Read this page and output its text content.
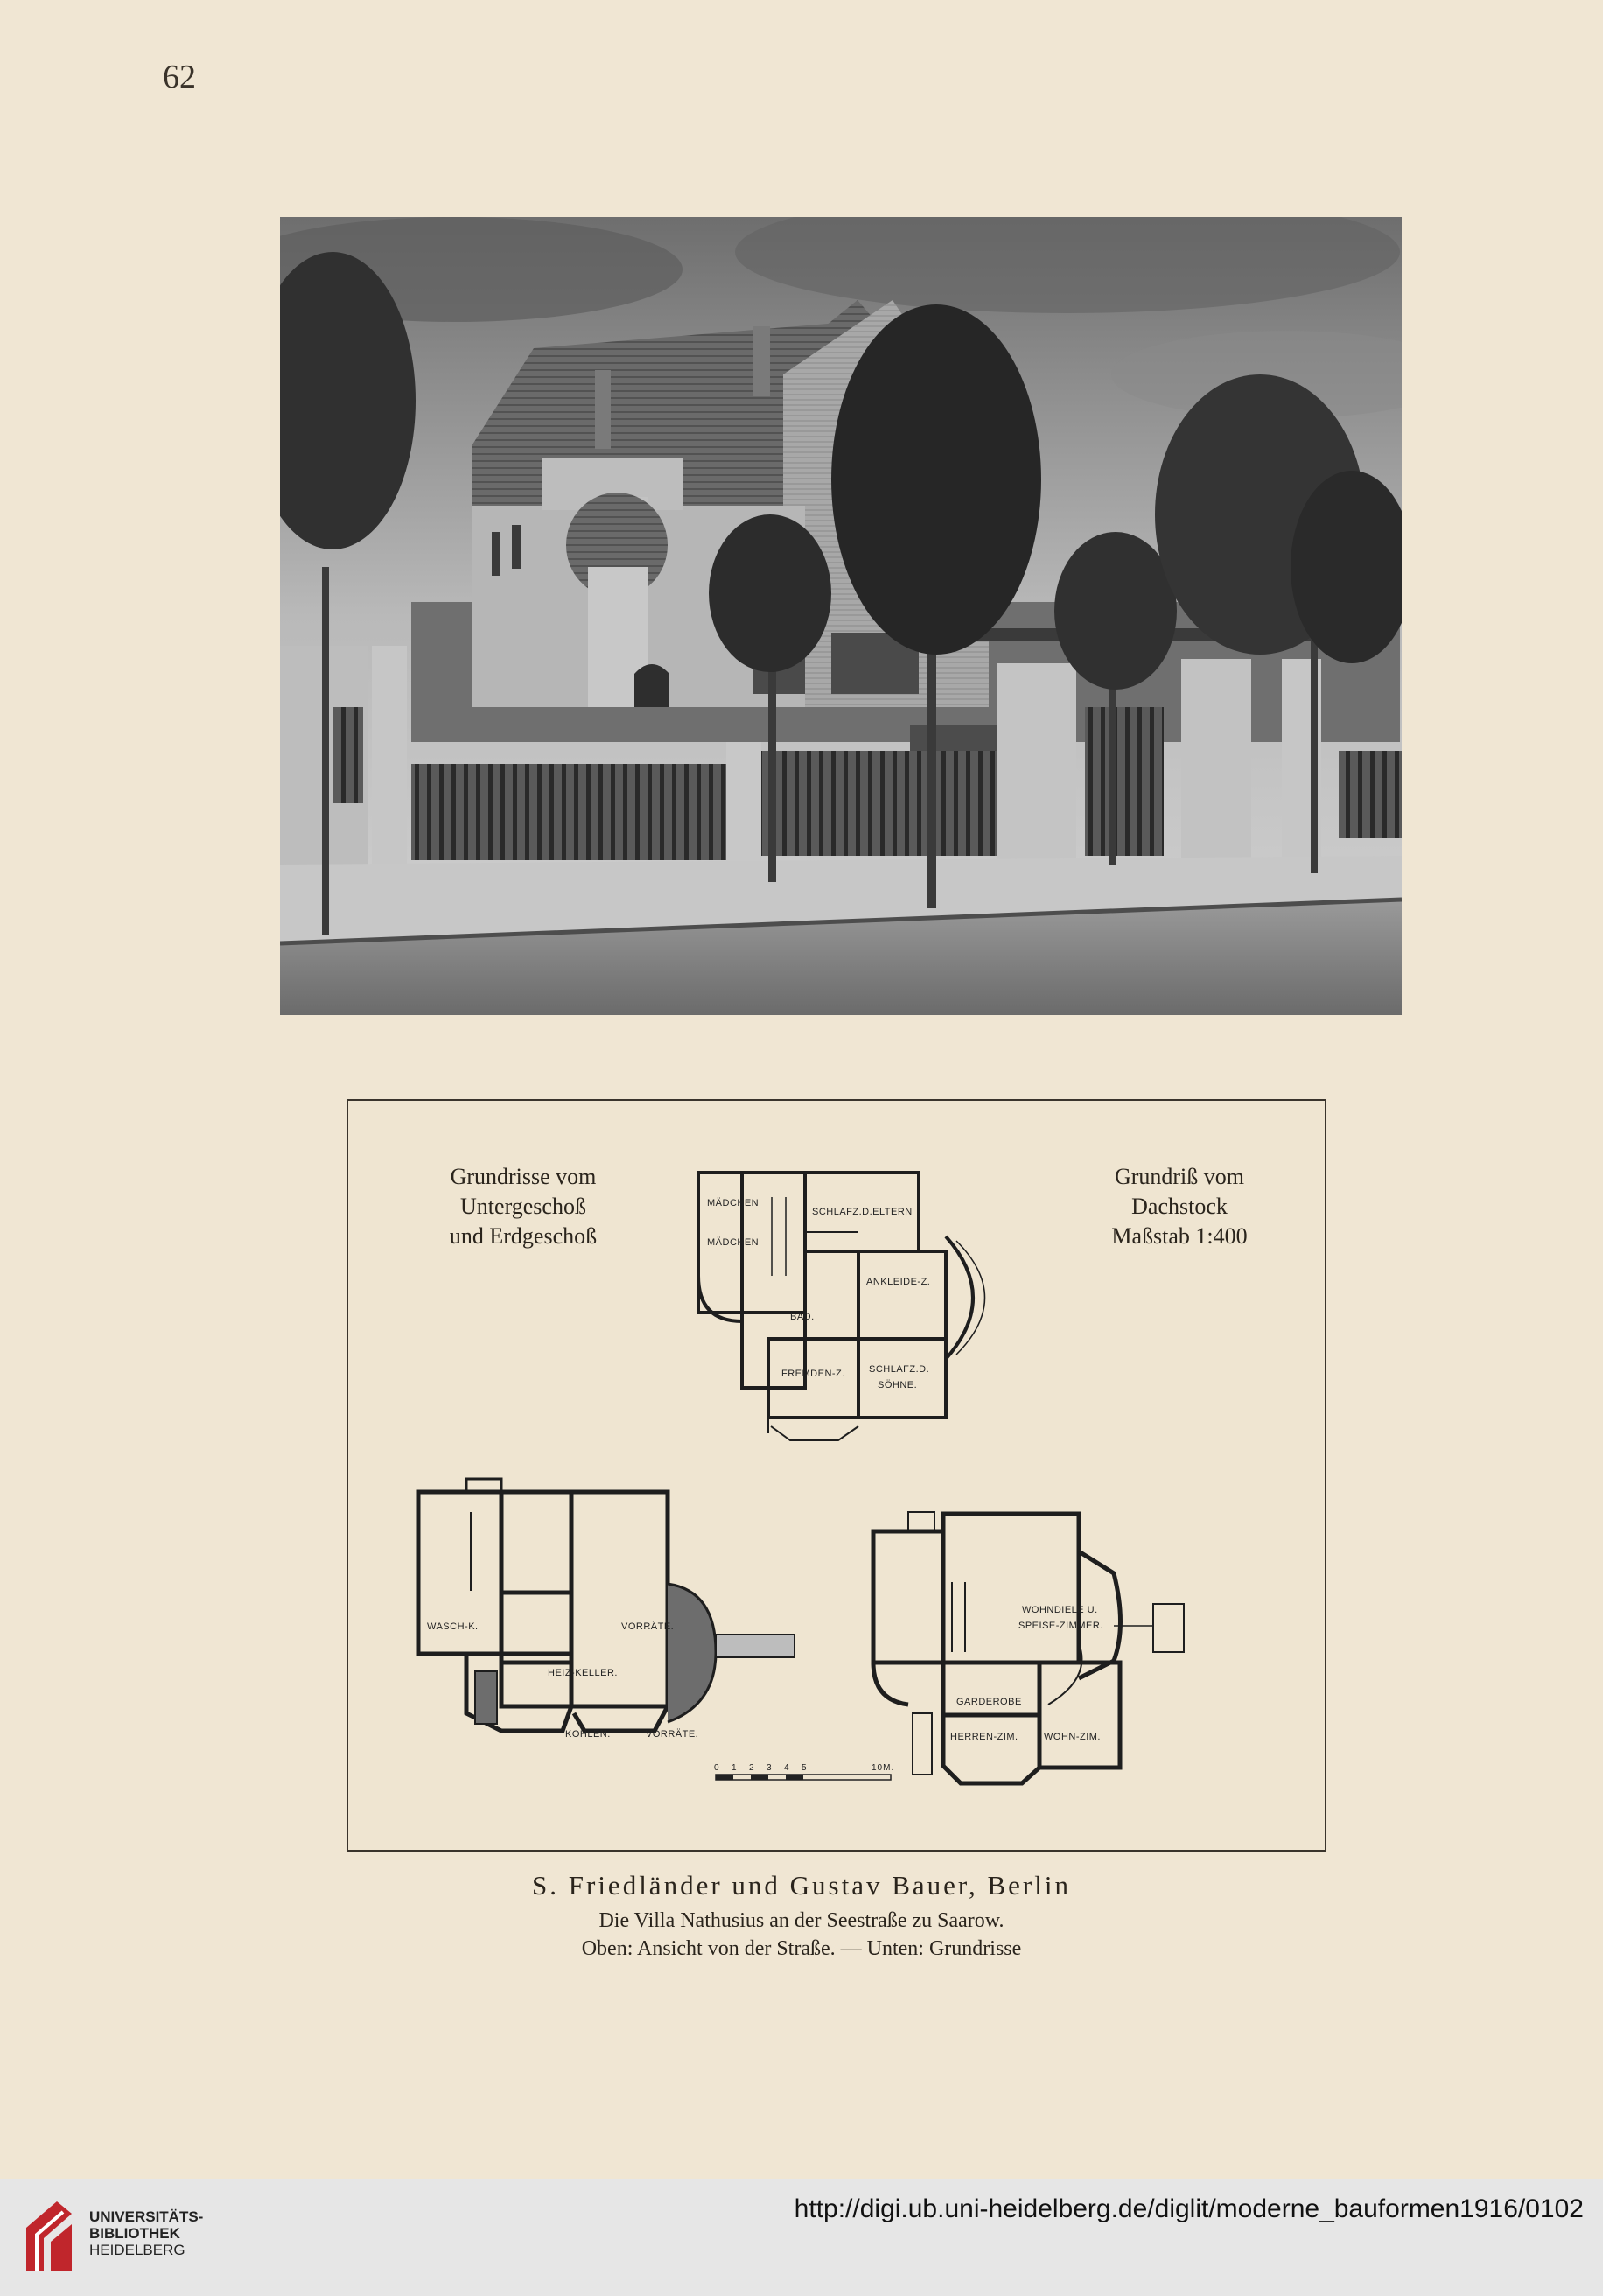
62
Grundrisse vom
Untergeschoß
und Erdgeschoß
Grundriß vom
Dachstock
Maßstab 1:400
MÄDCHEN
MÄDCHEN
SCHLAFZ.D.ELTERN
ANKLEIDE-Z.
BAD.
FREMDEN-Z. SCHLAFZ.D.
SÖHNE.
WASCH-K.	VORRÄTE.
HEIZ-KELLER.
KOHLEN.	VORRÄTE.
WOHNDIELE U.
SPEISE-ZIMMER.
GARDEROBE
HERREN-ZIM.	WOHN-ZIM.
0 1 2 3 4 5	10M.
S. Friedländer und Gustav Bauer, Berlin
Die Villa Nathusius an der Seestraße zu Saarow.
Oben: Ansicht von der Straße. — Unten: Grundrisse
UNIVERSITÄTS-
BIBLIOTHEK
HEIDELBERG
http://digi.ub.uni-heidelberg.de/diglit/moderne_bauformen1916/0102
